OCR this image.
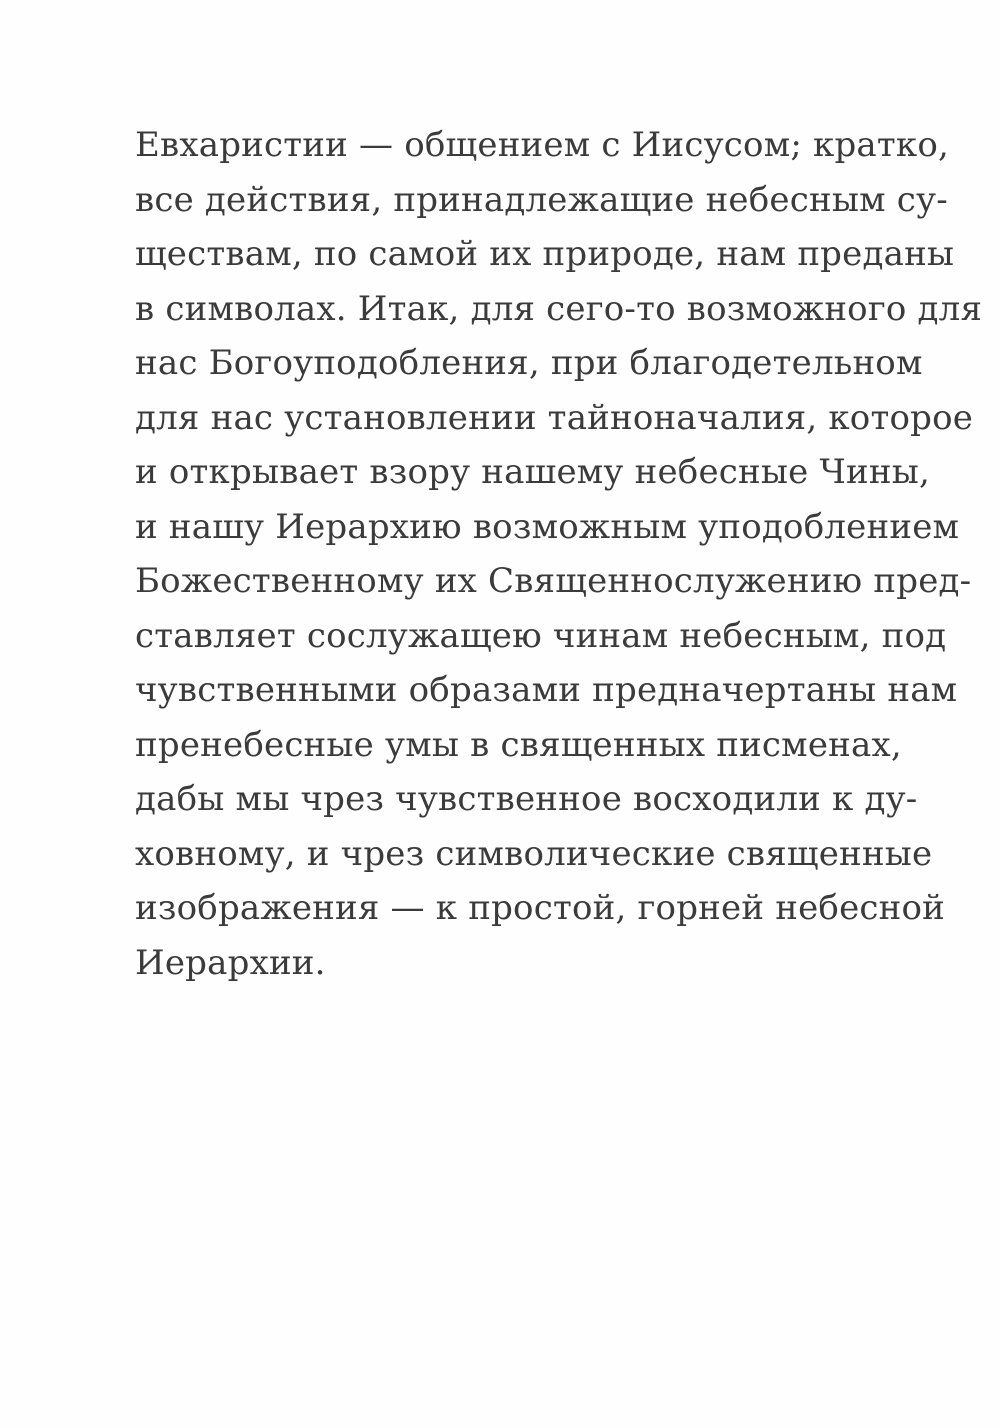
Евхаристии — общением с Иисусом; кратко,
все действия, принадлежащие небесным су-
ществам, по самой их природе, нам преданы
в символах. Итак, для сего-то возможного для
нас Богоуподобления, при благодетельном
для нас установлении тайноначалия, которое
и открывает взору нашему небесные Чины,
и нашу Иерархию возможным уподоблением
Божественному их Священнослужению пред-
ставляет сослужащею чинам небесным, под
чувственными образами предначертаны нам
пренебесные умы в священных писменах,
дабы мы чрез чувственное восходили к ду-
ховному, и чрез символические священные
изображения — к простой, горней небесной
Иерархии.
